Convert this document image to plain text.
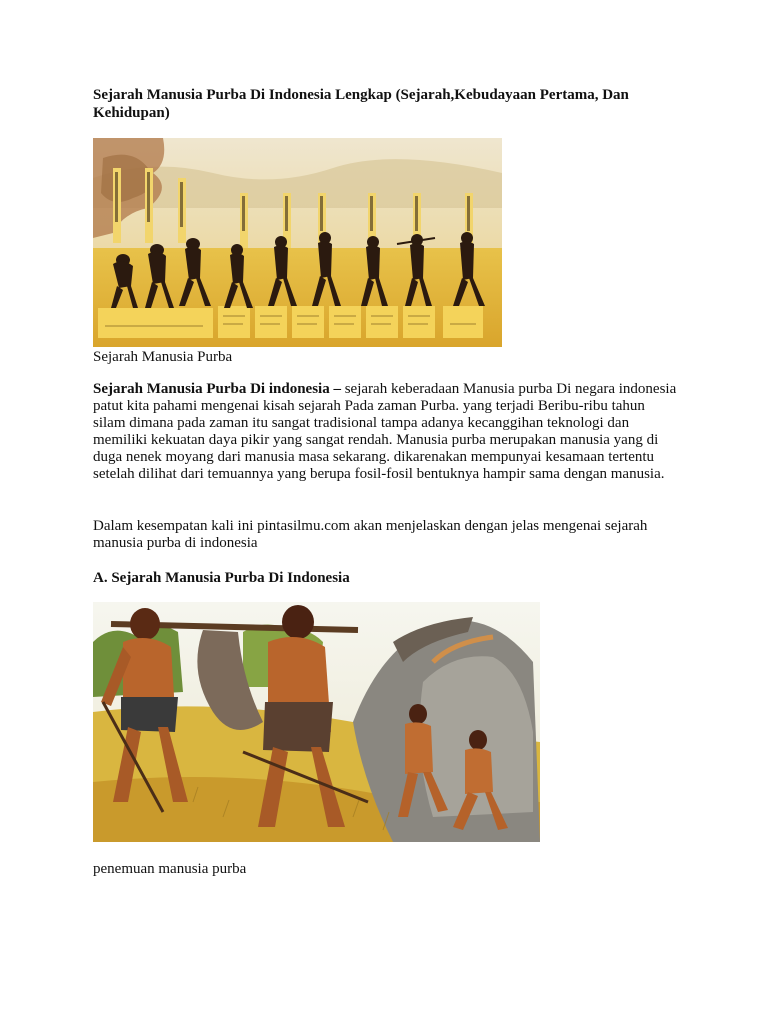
Sejarah Manusia Purba Di Indonesia Lengkap (Sejarah,Kebudayaan Pertama, Dan Kehidupan)

Sejarah Manusia Purba

Sejarah Manusia Purba Di indonesia – sejarah keberadaan Manusia purba Di negara indonesia patut kita pahami mengenai kisah sejarah Pada zaman Purba. yang terjadi Beribu-ribu tahun silam dimana pada zaman itu sangat tradisional tampa adanya kecanggihan teknologi dan memiliki kekuatan daya pikir yang sangat rendah. Manusia purba merupakan manusia yang di duga nenek moyang dari manusia masa sekarang. dikarenakan mempunyai kesamaan tertentu setelah dilihat dari temuannya yang berupa fosil-fosil bentuknya hampir sama dengan manusia.

Dalam kesempatan kali ini pintasilmu.com akan menjelaskan dengan jelas mengenai sejarah manusia purba di indonesia

A. Sejarah Manusia Purba Di Indonesia

penemuan manusia purba
